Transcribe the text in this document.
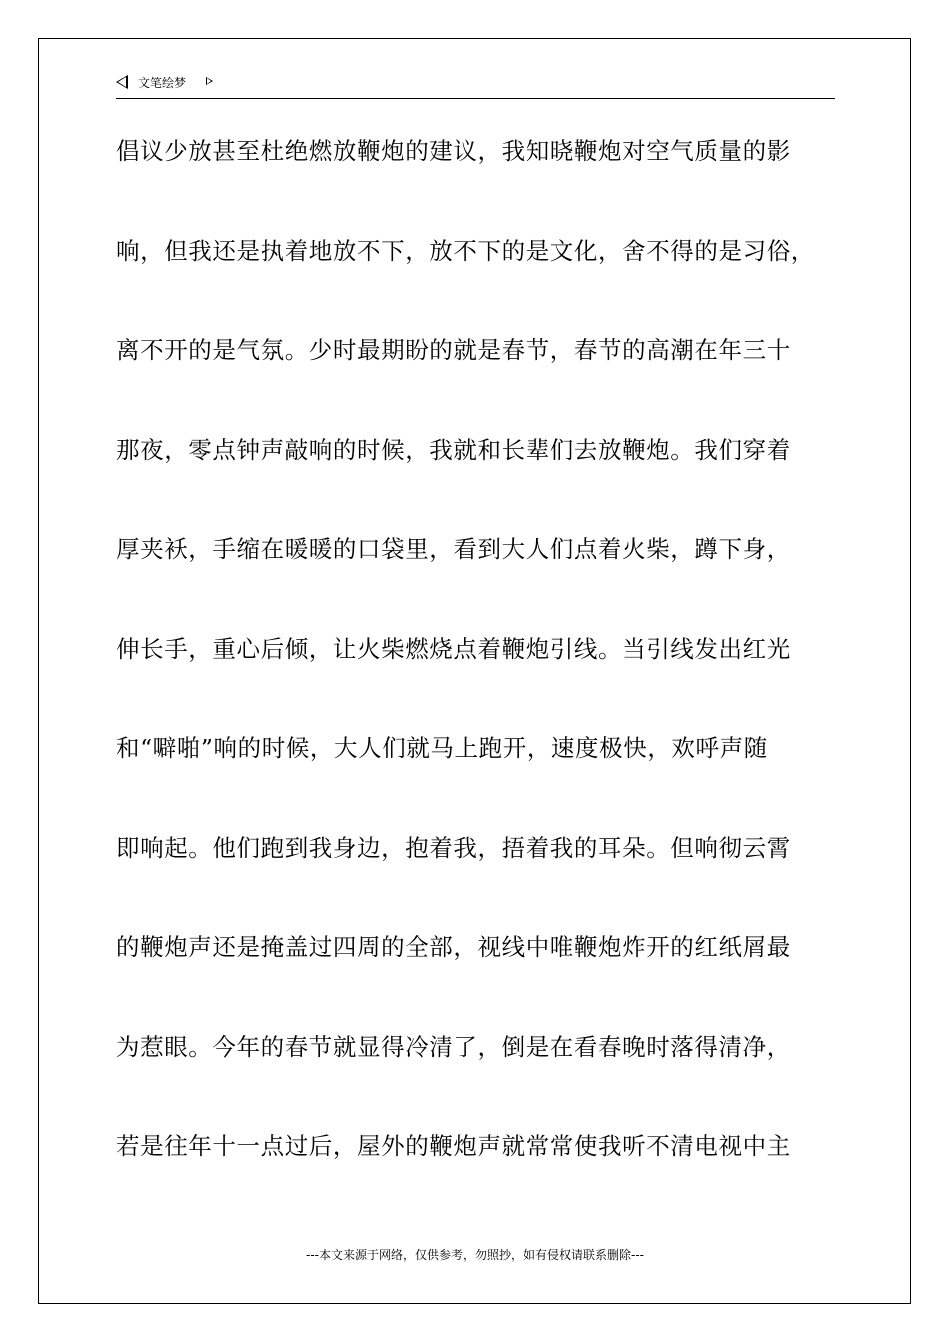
文笔绘梦
倡议少放甚至杜绝燃放鞭炮的建议，我知晓鞭炮对空气质量的影
响，但我还是执着地放不下，放不下的是文化，舍不得的是习俗，
离不开的是气氛。少时最期盼的就是春节，春节的高潮在年三十
那夜，零点钟声敲响的时候，我就和长辈们去放鞭炮。我们穿着
厚夹袄，手缩在暖暖的口袋里，看到大人们点着火柴，蹲下身，
伸长手，重心后倾，让火柴燃烧点着鞭炮引线。当引线发出红光
和“噼啪”响的时候，大人们就马上跑开，速度极快，欢呼声随
即响起。他们跑到我身边，抱着我，捂着我的耳朵。但响彻云霄
的鞭炮声还是掩盖过四周的全部，视线中唯鞭炮炸开的红纸屑最
为惹眼。今年的春节就显得冷清了，倒是在看春晚时落得清净，
若是往年十一点过后，屋外的鞭炮声就常常使我听不清电视中主
---本文来源于网络，仅供参考，勿照抄，如有侵权请联系删除---
